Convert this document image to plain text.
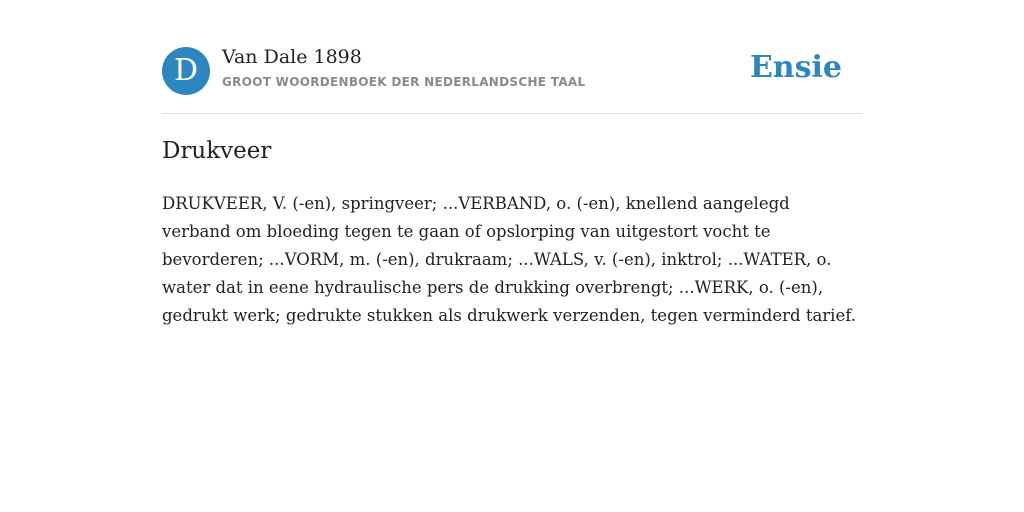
D	Van Dale 1898
GROOT WOORDENBOEK DER NEDERLANDSCHE TAAL	Ensie
Drukveer

DRUKVEER, V. (-en), springveer; ...VERBAND, o. (-en), knellend aangelegd verband om bloeding tegen te gaan of opslorping van uitgestort vocht te bevorderen; ...VORM, m. (-en), drukraam; ...WALS, v. (-en), inktrol; ...WATER, o. water dat in eene hydraulische pers de drukking overbrengt; ...WERK, o. (-en), gedrukt werk; gedrukte stukken als drukwerk verzenden, tegen verminderd tarief.
